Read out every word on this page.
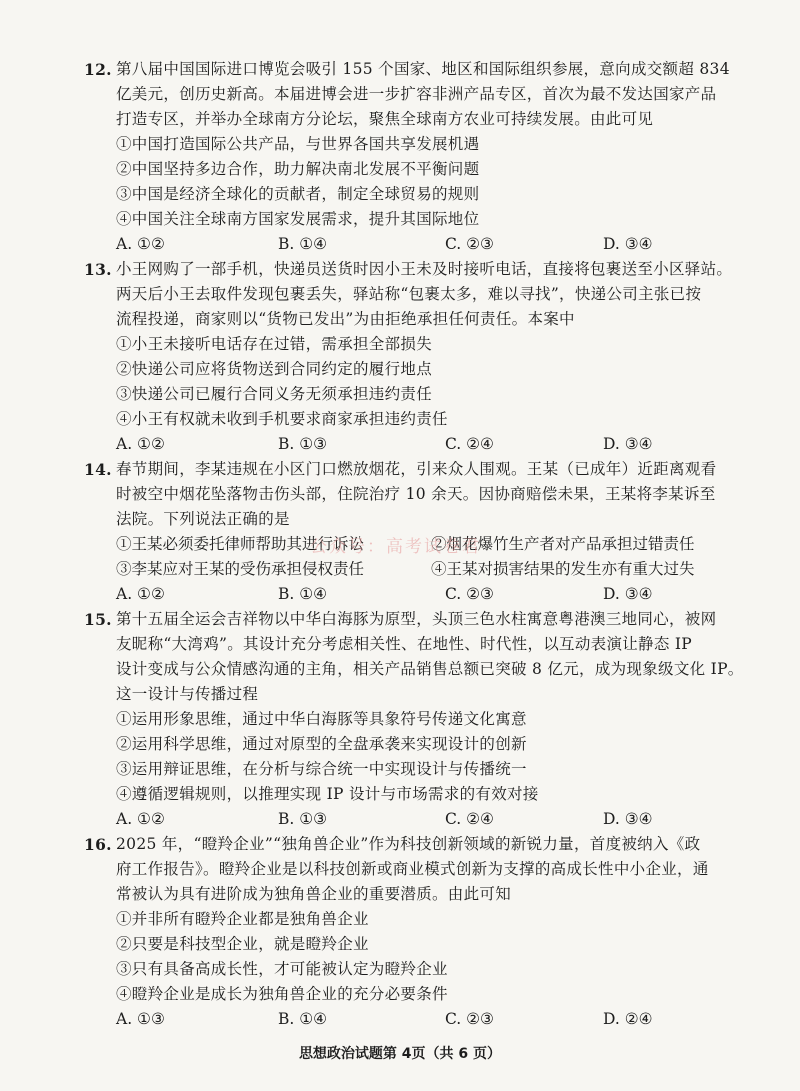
12. 第八届中国国际进口博览会吸引 155 个国家、地区和国际组织参展，意向成交额超 834
亿美元，创历史新高。本届进博会进一步扩容非洲产品专区，首次为最不发达国家产品
打造专区，并举办全球南方分论坛，聚焦全球南方农业可持续发展。由此可见
①中国打造国际公共产品，与世界各国共享发展机遇
②中国坚持多边合作，助力解决南北发展不平衡问题
③中国是经济全球化的贡献者，制定全球贸易的规则
④中国关注全球南方国家发展需求，提升其国际地位
A. ①②	B. ①④	C. ②③	D. ③④
13. 小王网购了一部手机，快递员送货时因小王未及时接听电话，直接将包裹送至小区驿站。
两天后小王去取件发现包裹丢失，驿站称“包裹太多，难以寻找”，快递公司主张已按
流程投递，商家则以“货物已发出”为由拒绝承担任何责任。本案中
①小王未接听电话存在过错，需承担全部损失
②快递公司应将货物送到合同约定的履行地点
③快递公司已履行合同义务无须承担违约责任
④小王有权就未收到手机要求商家承担违约责任
A. ①②	B. ①③	C. ②④	D. ③④
14. 春节期间，李某违规在小区门口燃放烟花，引来众人围观。王某（已成年）近距离观看
时被空中烟花坠落物击伤头部，住院治疗 10 余天。因协商赔偿未果，王某将李某诉至
法院。下列说法正确的是
①王某必须委托律师帮助其进行诉讼	②烟花爆竹生产者对产品承担过错责任
③李某应对王某的受伤承担侵权责任	④王某对损害结果的发生亦有重大过失
A. ①②	B. ①④	C. ②③	D. ③④
15. 第十五届全运会吉祥物以中华白海豚为原型，头顶三色水柱寓意粤港澳三地同心，被网
友昵称“大湾鸡”。其设计充分考虑相关性、在地性、时代性，以互动表演让静态 IP
设计变成与公众情感沟通的主角，相关产品销售总额已突破 8 亿元，成为现象级文化 IP。
这一设计与传播过程
①运用形象思维，通过中华白海豚等具象符号传递文化寓意
②运用科学思维，通过对原型的全盘承袭来实现设计的创新
③运用辩证思维，在分析与综合统一中实现设计与传播统一
④遵循逻辑规则，以推理实现 IP 设计与市场需求的有效对接
A. ①②	B. ①③	C. ②④	D. ③④
16. 2025 年，“瞪羚企业”“独角兽企业”作为科技创新领域的新锐力量，首度被纳入《政
府工作报告》。瞪羚企业是以科技创新或商业模式创新为支撑的高成长性中小企业，通
常被认为具有进阶成为独角兽企业的重要潜质。由此可知
①并非所有瞪羚企业都是独角兽企业
②只要是科技型企业，就是瞪羚企业
③只有具备高成长性，才可能被认定为瞪羚企业
④瞪羚企业是成长为独角兽企业的充分必要条件
A. ①③	B. ①④	C. ②③	D. ②④
公众号：高考试卷君
思想政治试题第 4页（共 6 页）
